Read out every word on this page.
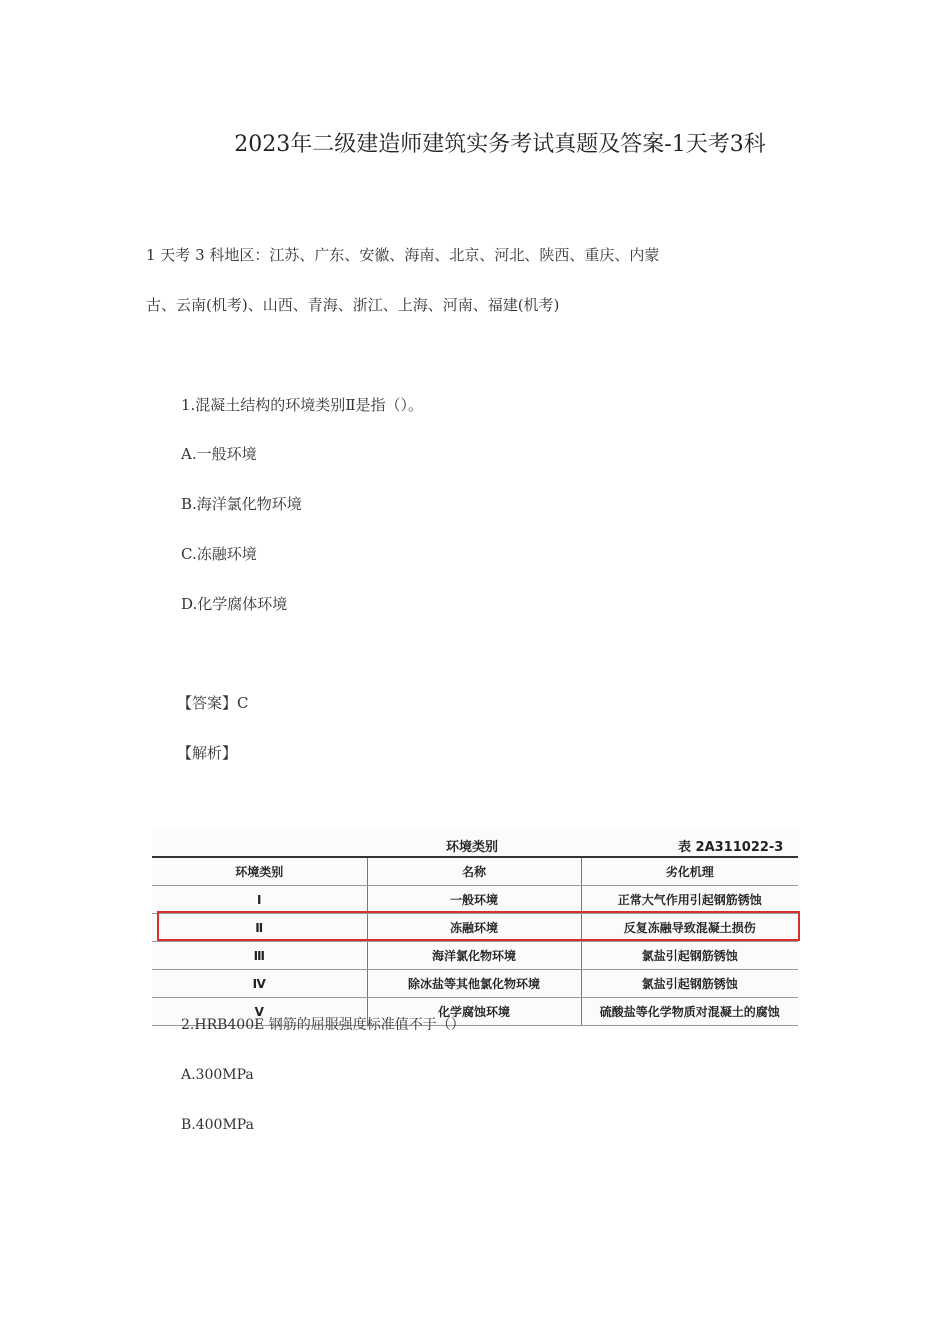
2023年二级建造师建筑实务考试真题及答案-1天考3科
1 天考 3 科地区：江苏、广东、安徽、海南、北京、河北、陕西、重庆、内蒙
古、云南(机考)、山西、青海、浙江、上海、河南、福建(机考)
1.混凝土结构的环境类别Ⅱ是指（）。
A.一般环境
B.海洋氯化物环境
C.冻融环境
D.化学腐体环境
【答案】C
【解析】
环境类别	表 2A311022-3
环境类别	名称	劣化机理
Ⅰ	一般环境	正常大气作用引起钢筋锈蚀
Ⅱ	冻融环境	反复冻融导致混凝土损伤
Ⅲ	海洋氯化物环境	氯盐引起钢筋锈蚀
Ⅳ	除冰盐等其他氯化物环境	氯盐引起钢筋锈蚀
Ⅴ	化学腐蚀环境	硫酸盐等化学物质对混凝土的腐蚀
2.HRB400E 钢筋的屈服强度标准值不于（）
A.300MPa
B.400MPa
